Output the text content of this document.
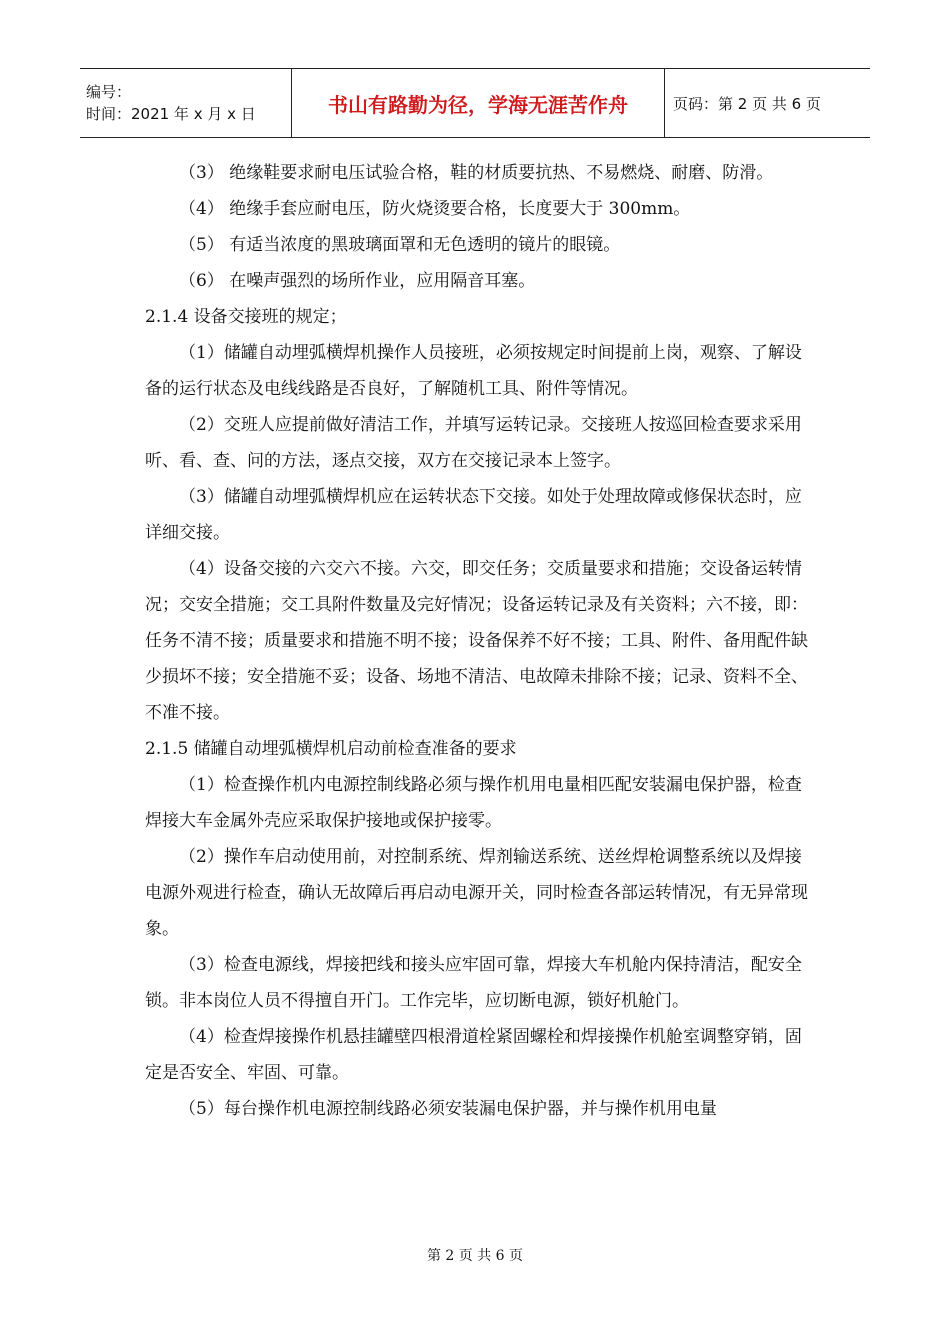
编号：
时间：2021 年 x 月 x 日	书山有路勤为径，学海无涯苦作舟	页码：第 2 页 共 6 页

（3） 绝缘鞋要求耐电压试验合格，鞋的材质要抗热、不易燃烧、耐磨、防滑。

（4） 绝缘手套应耐电压，防火烧烫要合格，长度要大于 300mm。

（5） 有适当浓度的黑玻璃面罩和无色透明的镜片的眼镜。

（6） 在噪声强烈的场所作业，应用隔音耳塞。

2.1.4 设备交接班的规定；

（1）储罐自动埋弧横焊机操作人员接班，必须按规定时间提前上岗，观察、了解设备的运行状态及电线线路是否良好，了解随机工具、附件等情况。

（2）交班人应提前做好清洁工作，并填写运转记录。交接班人按巡回检查要求采用听、看、查、问的方法，逐点交接，双方在交接记录本上签字。

（3）储罐自动埋弧横焊机应在运转状态下交接。如处于处理故障或修保状态时，应详细交接。

（4）设备交接的六交六不接。六交，即交任务；交质量要求和措施；交设备运转情况；交安全措施；交工具附件数量及完好情况；设备运转记录及有关资料；六不接，即：任务不清不接；质量要求和措施不明不接；设备保养不好不接；工具、附件、备用配件缺少损坏不接；安全措施不妥；设备、场地不清洁、电故障未排除不接；记录、资料不全、不准不接。

2.1.5 储罐自动埋弧横焊机启动前检查准备的要求

（1）检查操作机内电源控制线路必须与操作机用电量相匹配安装漏电保护器，检查焊接大车金属外壳应采取保护接地或保护接零。

（2）操作车启动使用前，对控制系统、焊剂输送系统、送丝焊枪调整系统以及焊接电源外观进行检查，确认无故障后再启动电源开关，同时检查各部运转情况，有无异常现象。

（3）检查电源线，焊接把线和接头应牢固可靠，焊接大车机舱内保持清洁，配安全锁。非本岗位人员不得擅自开门。工作完毕，应切断电源，锁好机舱门。

（4）检查焊接操作机悬挂罐壁四根滑道栓紧固螺栓和焊接操作机舱室调整穿销，固定是否安全、牢固、可靠。

（5）每台操作机电源控制线路必须安装漏电保护器，并与操作机用电量

第 2 页 共 6 页
